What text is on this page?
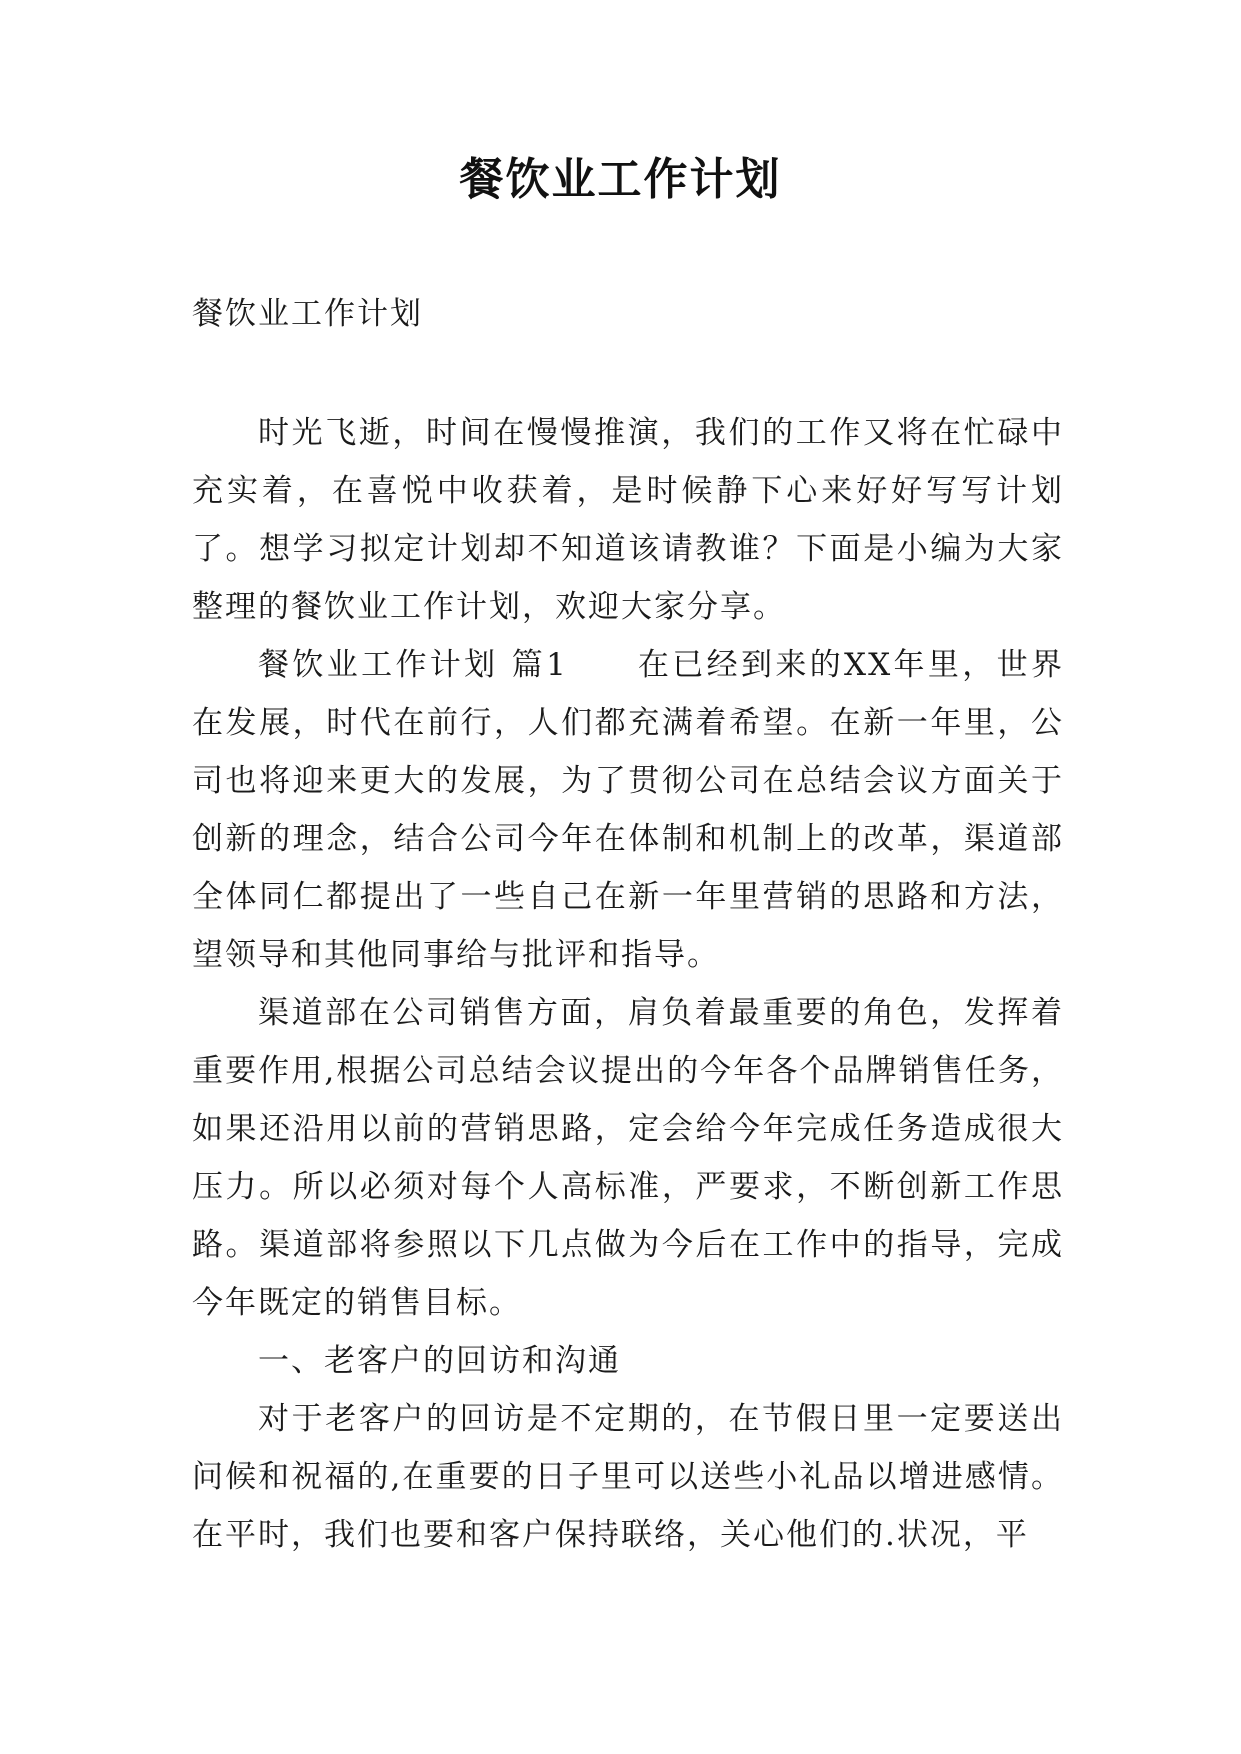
餐饮业工作计划
餐饮业工作计划

时光飞逝，时间在慢慢推演，我们的工作又将在忙碌中充实着，在喜悦中收获着，是时候静下心来好好写写计划了。想学习拟定计划却不知道该请教谁？下面是小编为大家整理的餐饮业工作计划，欢迎大家分享。

餐饮业工作计划 篇1　　在已经到来的XX年里，世界在发展，时代在前行，人们都充满着希望。在新一年里，公司也将迎来更大的发展，为了贯彻公司在总结会议方面关于创新的理念，结合公司今年在体制和机制上的改革，渠道部全体同仁都提出了一些自己在新一年里营销的思路和方法，望领导和其他同事给与批评和指导。

渠道部在公司销售方面，肩负着最重要的角色，发挥着重要作用,根据公司总结会议提出的今年各个品牌销售任务，如果还沿用以前的营销思路，定会给今年完成任务造成很大压力。所以必须对每个人高标准，严要求，不断创新工作思路。渠道部将参照以下几点做为今后在工作中的指导，完成今年既定的销售目标。

一、老客户的回访和沟通

对于老客户的回访是不定期的，在节假日里一定要送出问候和祝福的,在重要的日子里可以送些小礼品以增进感情。在平时，我们也要和客户保持联络，关心他们的.状况，平
